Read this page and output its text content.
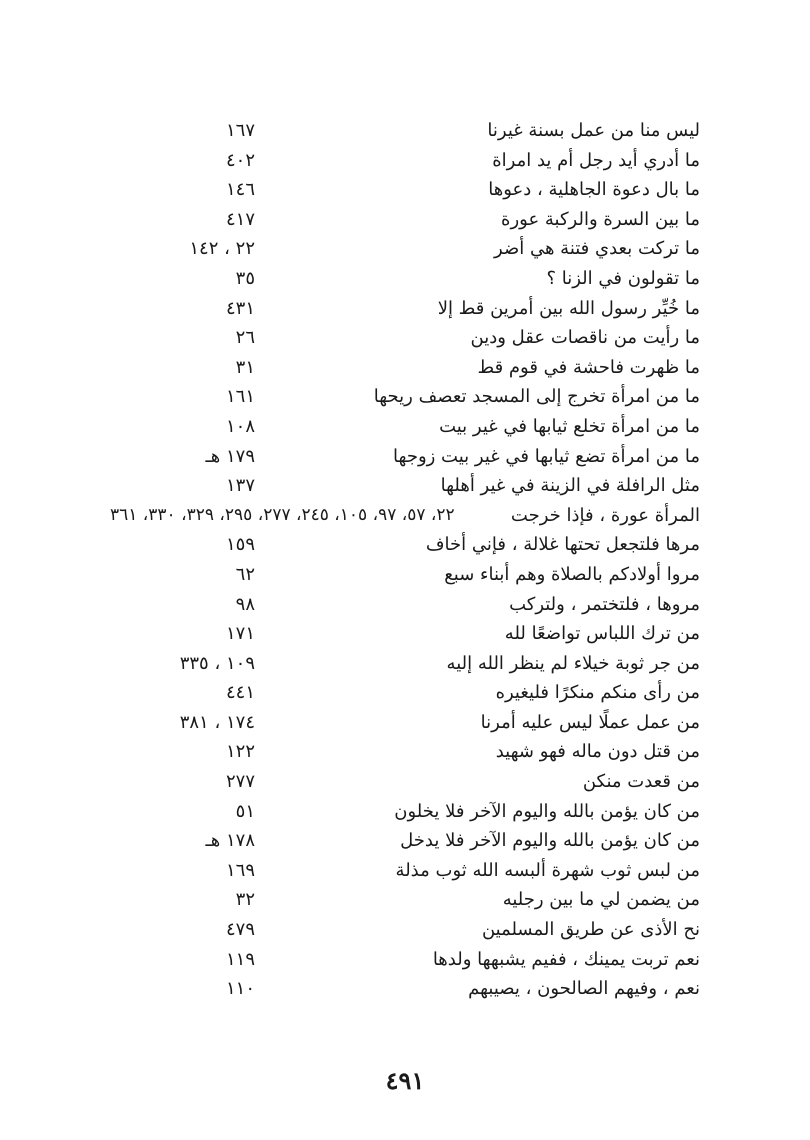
ليس منا من عمل بسنة غيرنا
١٦٧
ما أدري أيد رجل أم يد امراة
٤٠٢
ما بال دعوة الجاهلية ، دعوها
١٤٦
ما بين السرة والركبة عورة
٤١٧
ما تركت بعدي فتنة هي أضر
٢٢ ، ١٤٢
ما تقولون في الزنا ؟
٣٥
ما خُيِّر رسول الله بين أمرين قط إلا
٤٣١
ما رأيت من ناقصات عقل ودين
٢٦
ما ظهرت فاحشة في قوم قط
٣١
ما من امرأة تخرج إلى المسجد تعصف ريحها
١٦١
ما من امرأة تخلع ثيابها في غير بيت
١٠٨
ما من امرأة تضع ثيابها في غير بيت زوجها
١٧٩ هـ
مثل الرافلة في الزينة في غير أهلها
١٣٧
المرأة عورة ، فإذا خرجت
٢٢، ٥٧، ٩٧، ١٠٥، ٢٤٥، ٢٧٧، ٢٩٥، ٣٢٩، ٣٣٠، ٣٦١
مرها فلتجعل تحتها غلالة ، فإني أخاف
١٥٩
مروا أولادكم بالصلاة وهم أبناء سبع
٦٢
مروها ، فلتختمر ، ولتركب
٩٨
من ترك اللباس تواضعًا لله
١٧١
من جر ثوبة خيلاء لم ينظر الله إليه
١٠٩ ، ٣٣٥
من رأى منكم منكرًا فليغيره
٤٤١
من عمل عملًا ليس عليه أمرنا
١٧٤ ، ٣٨١
من قتل دون ماله فهو شهيد
١٢٢
من قعدت منكن
٢٧٧
من كان يؤمن بالله واليوم الآخر فلا يخلون
٥١
من كان يؤمن بالله واليوم الآخر فلا يدخل
١٧٨ هـ
من لبس ثوب شهرة ألبسه الله ثوب مذلة
١٦٩
من يضمن لي ما بين رجليه
٣٢
نح الأذى عن طريق المسلمين
٤٧٩
نعم تربت يمينك ، ففيم يشبهها ولدها
١١٩
نعم ، وفيهم الصالحون ، يصيبهم
١١٠
٤٩١
